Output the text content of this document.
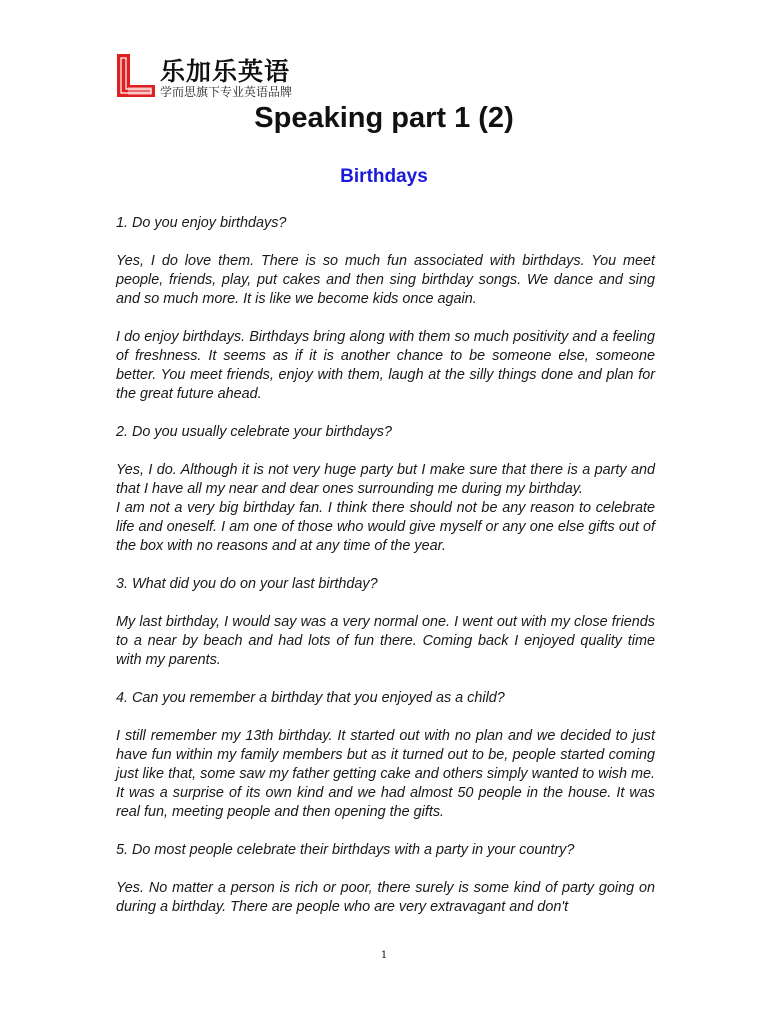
乐加乐英语
学而思旗下专业英语品牌
Speaking part 1 (2)
Birthdays

1. Do you enjoy birthdays?

Yes, I do love them. There is so much fun associated with birthdays. You meet people, friends, play, put cakes and then sing birthday songs. We dance and sing and so much more. It is like we become kids once again.

I do enjoy birthdays. Birthdays bring along with them so much positivity and a feeling of freshness. It seems as if it is another chance to be someone else, someone better. You meet friends, enjoy with them, laugh at the silly things done and plan for the great future ahead.

2. Do you usually celebrate your birthdays?

Yes, I do. Although it is not very huge party but I make sure that there is a party and that I have all my near and dear ones surrounding me during my birthday.

I am not a very big birthday fan. I think there should not be any reason to celebrate life and oneself. I am one of those who would give myself or any one else gifts out of the box with no reasons and at any time of the year.

3. What did you do on your last birthday?

My last birthday, I would say was a very normal one. I went out with my close friends to a near by beach and had lots of fun there. Coming back I enjoyed quality time with my parents.

4. Can you remember a birthday that you enjoyed as a child?

I still remember my 13th birthday. It started out with no plan and we decided to just have fun within my family members but as it turned out to be, people started coming just like that, some saw my father getting cake and others simply wanted to wish me. It was a surprise of its own kind and we had almost 50 people in the house. It was real fun, meeting people and then opening the gifts.

5. Do most people celebrate their birthdays with a party in your country?

Yes. No matter a person is rich or poor, there surely is some kind of party going on during a birthday. There are people who are very extravagant and don't

1
